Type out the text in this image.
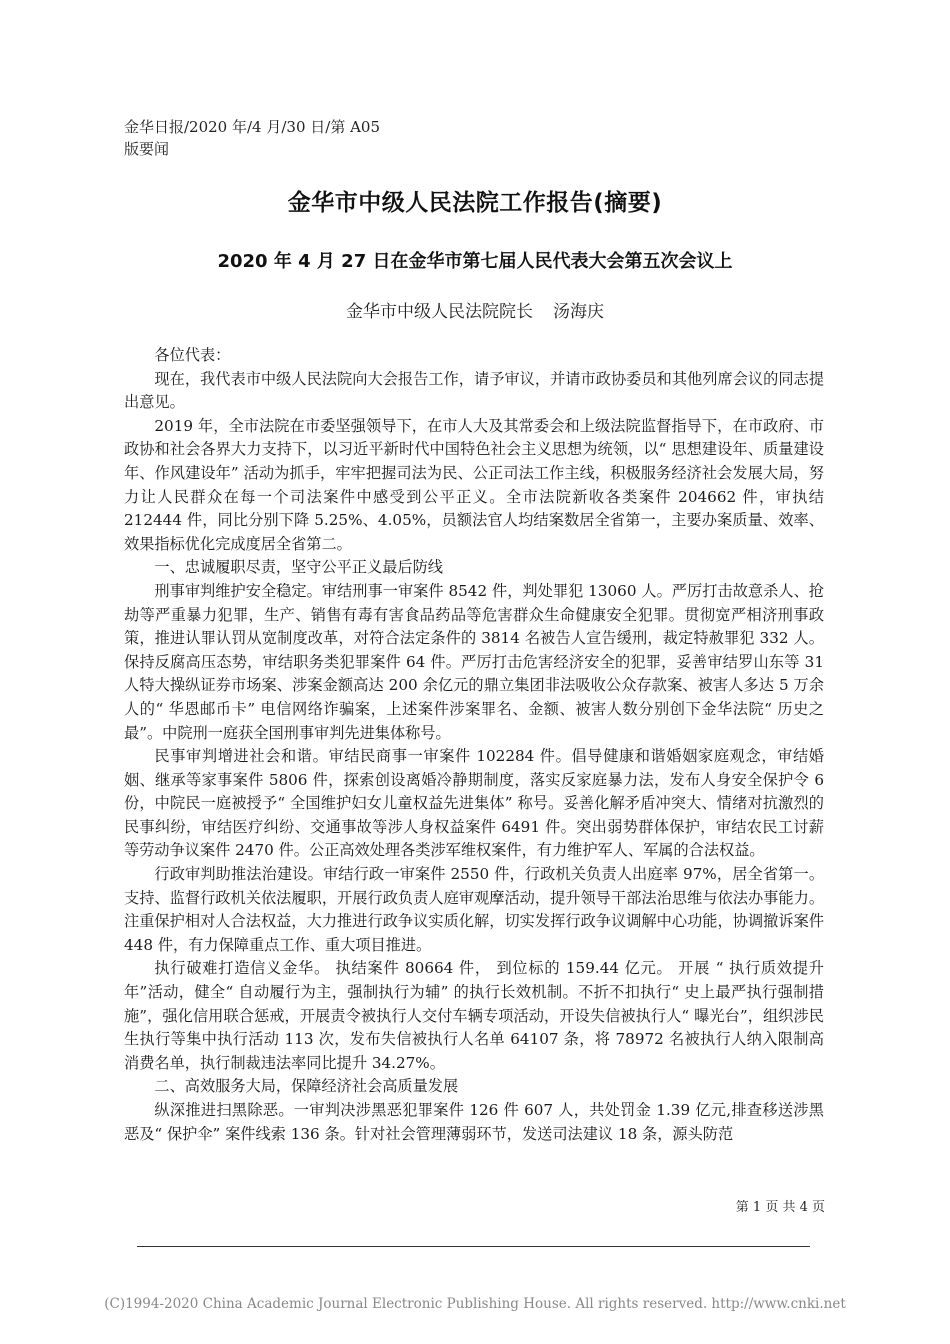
金华日报/2020 年/4 月/30 日/第 A05
版要闻
金华市中级人民法院工作报告(摘要)
2020 年 4 月 27 日在金华市第七届人民代表大会第五次会议上
金华市中级人民法院院长 汤海庆

各位代表：

现在，我代表市中级人民法院向大会报告工作，请予审议，并请市政协委员和其他列席会议的同志提出意见。

2019 年，全市法院在市委坚强领导下，在市人大及其常委会和上级法院监督指导下，在市政府、市政协和社会各界大力支持下，以习近平新时代中国特色社会主义思想为统领，以“ 思想建设年、质量建设年、作风建设年” 活动为抓手，牢牢把握司法为民、公正司法工作主线，积极服务经济社会发展大局，努力让人民群众在每一个司法案件中感受到公平正义。全市法院新收各类案件 204662 件，审执结 212444 件，同比分别下降 5.25%、4.05%，员额法官人均结案数居全省第一，主要办案质量、效率、效果指标优化完成度居全省第二。

一、忠诚履职尽责，坚守公平正义最后防线

刑事审判维护安全稳定。审结刑事一审案件 8542 件，判处罪犯 13060 人。严厉打击故意杀人、抢劫等严重暴力犯罪，生产、销售有毒有害食品药品等危害群众生命健康安全犯罪。贯彻宽严相济刑事政策，推进认罪认罚从宽制度改革，对符合法定条件的 3814 名被告人宣告缓刑，裁定特赦罪犯 332 人。保持反腐高压态势，审结职务类犯罪案件 64 件。严厉打击危害经济安全的犯罪，妥善审结罗山东等 31 人特大操纵证券市场案、涉案金额高达 200 余亿元的鼎立集团非法吸收公众存款案、被害人多达 5 万余人的“ 华恩邮币卡” 电信网络诈骗案，上述案件涉案罪名、金额、被害人数分别创下金华法院“ 历史之最”。中院刑一庭获全国刑事审判先进集体称号。

民事审判增进社会和谐。审结民商事一审案件 102284 件。倡导健康和谐婚姻家庭观念，审结婚姻、继承等家事案件 5806 件，探索创设离婚冷静期制度，落实反家庭暴力法，发布人身安全保护令 6 份，中院民一庭被授予“ 全国维护妇女儿童权益先进集体” 称号。妥善化解矛盾冲突大、情绪对抗激烈的民事纠纷，审结医疗纠纷、交通事故等涉人身权益案件 6491 件。突出弱势群体保护，审结农民工讨薪等劳动争议案件 2470 件。公正高效处理各类涉军维权案件，有力维护军人、军属的合法权益。

行政审判助推法治建设。审结行政一审案件 2550 件，行政机关负责人出庭率 97%，居全省第一。支持、监督行政机关依法履职，开展行政负责人庭审观摩活动，提升领导干部法治思维与依法办事能力。注重保护相对人合法权益，大力推进行政争议实质化解，切实发挥行政争议调解中心功能，协调撤诉案件 448 件，有力保障重点工作、重大项目推进。

执行破难打造信义金华。 执结案件 80664 件， 到位标的 159.44 亿元。 开展 “ 执行质效提升年”活动，健全“ 自动履行为主，强制执行为辅” 的执行长效机制。不折不扣执行“ 史上最严执行强制措施”，强化信用联合惩戒，开展责令被执行人交付车辆专项活动，开设失信被执行人“ 曝光台”，组织涉民生执行等集中执行活动 113 次，发布失信被执行人名单 64107 条，将 78972 名被执行人纳入限制高消费名单，执行制裁违法率同比提升 34.27%。

二、高效服务大局，保障经济社会高质量发展

纵深推进扫黑除恶。一审判决涉黑恶犯罪案件 126 件 607 人，共处罚金 1.39 亿元,排查移送涉黑恶及“ 保护伞” 案件线索 136 条。针对社会管理薄弱环节，发送司法建议 18 条，源头防范

第 1 页 共 4 页
(C)1994-2020 China Academic Journal Electronic Publishing House. All rights reserved. http://www.cnki.net
